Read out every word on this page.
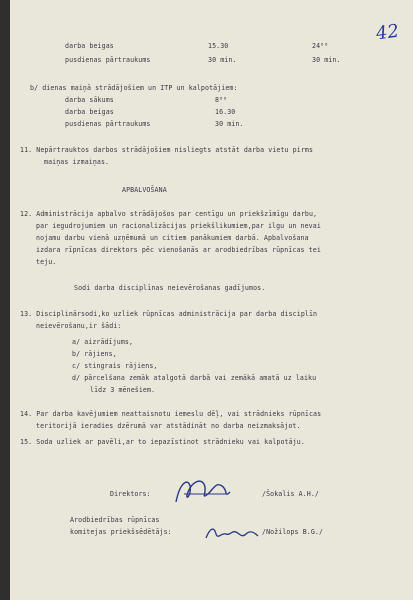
42
darba beigas	15.30	24⁰⁰
pusdienas pārtraukums	30 min.	30 min.
b/ dienas maiņā strādājošiem un ITP un kalpotājiem:
darba sākums	8⁰⁰
darba beigas	16.30
pusdienas pārtraukums	30 min.
11. Nepārtrauktos darbos strādājošiem nisliegts atstāt darba vietu pirms
maiņas izmaiņas.
APBALVOŠANA
12. Administrācija apbalvo strādājošos par centīgu un priekšzīmīgu darbu,
par iegudrojumiem un racionalizācijas priekšlikumiem,par ilgu un nevai
nojamu darbu vienā uzņēmumā un citiem panākumiem darbā. Apbalvošana
izdara rīpnīcas direktors pēc vienošanās ar arodbiedrības rūpnīcas tei
teju.
Sodi darba disciplīnas neievērošanas gadījumos.
13. Disciplinārsodi,ko uzliek rūpnīcas administrācija par darba disciplīn
neievērošanu,ir šādi:
a/ aizrādījums,
b/ rājiens,
c/ stingrais rājiens,
d/ pārcelšana zemāk atalgotā darbā vai zemākā amatā uz laiku
līdz 3 mēnešiem.
14. Par darba kavējumiem neattaisnotu iemeslu dēļ, vai strādnieks rūpnīcas
teritorijā ieradies dzērumā var atstādināt no darba neizmaksājot.
15. Soda uzliek ar pavēli,ar to iepazīstinot strādnieku vai kalpotāju.
Direktors:	/Šokalis A.H./
Arodbiedrības rūpnīcas
komitejas priekšsēdētājs:	/Nožilops B.G./
